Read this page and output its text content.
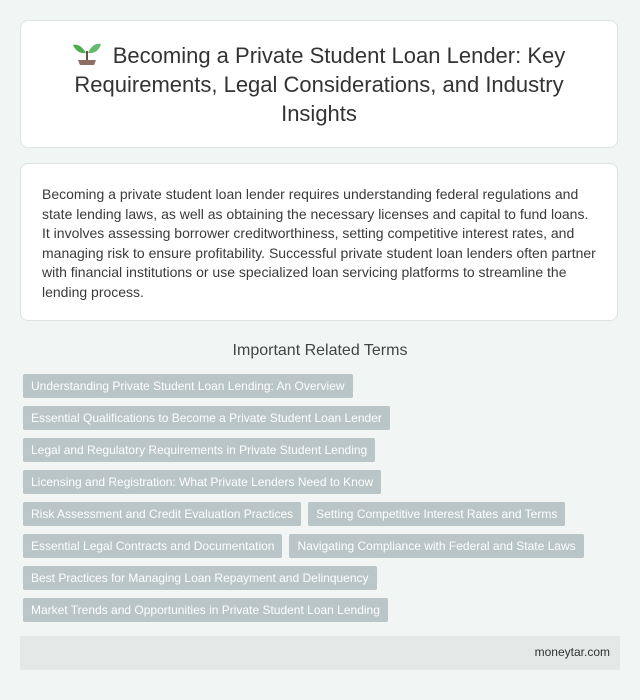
Becoming a Private Student Loan Lender: Key Requirements, Legal Considerations, and Industry Insights

Becoming a private student loan lender requires understanding federal regulations and state lending laws, as well as obtaining the necessary licenses and capital to fund loans. It involves assessing borrower creditworthiness, setting competitive interest rates, and managing risk to ensure profitability. Successful private student loan lenders often partner with financial institutions or use specialized loan servicing platforms to streamline the lending process.

Important Related Terms
Understanding Private Student Loan Lending: An Overview
Essential Qualifications to Become a Private Student Loan Lender
Legal and Regulatory Requirements in Private Student Lending
Licensing and Registration: What Private Lenders Need to Know
Risk Assessment and Credit Evaluation Practices Setting Competitive Interest Rates and Terms
Essential Legal Contracts and Documentation Navigating Compliance with Federal and State Laws
Best Practices for Managing Loan Repayment and Delinquency
Market Trends and Opportunities in Private Student Loan Lending
moneytar.com
